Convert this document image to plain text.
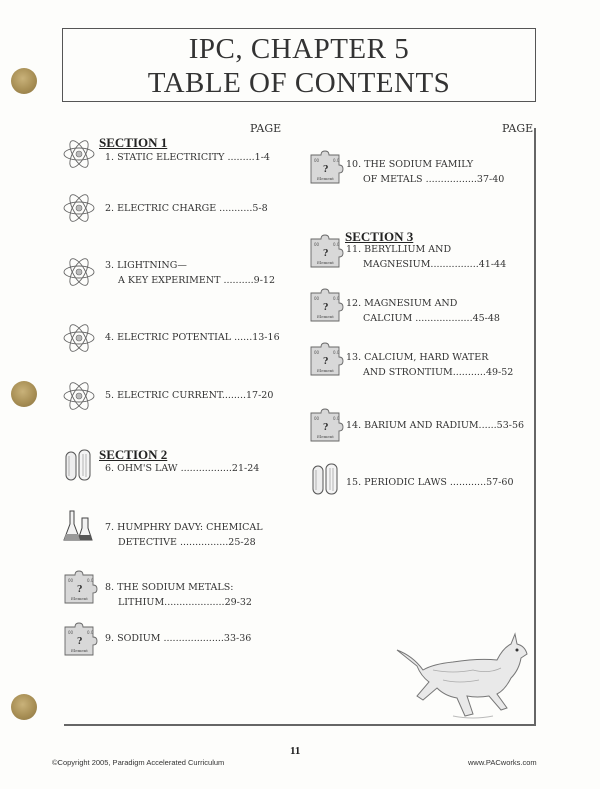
IPC, CHAPTER 5
TABLE OF CONTENTS
PAGE	PAGE
SECTION 1
SECTION 2
SECTION 3
1. STATIC ELECTRICITY .........1-4
2. ELECTRIC CHARGE ...........5-8
3. LIGHTNING—
A KEY EXPERIMENT ..........9-12
4. ELECTRIC POTENTIAL ......13-16
5. ELECTRIC CURRENT........17-20
6. OHM'S LAW .................21-24
7. HUMPHRY DAVY: CHEMICAL
DETECTIVE ................25-28
?
Element
8. THE SODIUM METALS:
LITHIUM....................29-32
?
Element
9. SODIUM ....................33-36
?
Element
10. THE SODIUM FAMILY
OF METALS .................37-40
?
Element
11. BERYLLIUM AND
MAGNESIUM................41-44
?
Element
12. MAGNESIUM AND
CALCIUM ...................45-48
?
Element
13. CALCIUM, HARD WATER
AND STRONTIUM...........49-52
?
Element
14. BARIUM AND RADIUM......53-56
15. PERIODIC LAWS ............57-60
11
©Copyright 2005, Paradigm Accelerated Curriculum	www.PACworks.com
